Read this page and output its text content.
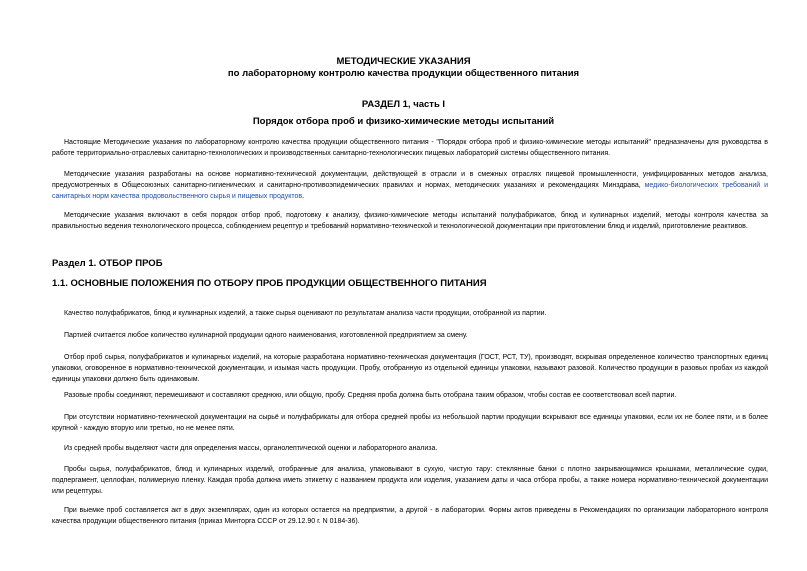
МЕТОДИЧЕСКИЕ УКАЗАНИЯ
по лабораторному контролю качества продукции общественного питания
РАЗДЕЛ 1, часть I
Порядок отбора проб и физико-химические методы испытаний

Настоящие Методические указания по лабораторному контролю качества продукции общественного питания - "Порядок отбора проб и физико-химические методы испытаний" предназначены для руководства в работе территориально-отраслевых санитарно-технологических и производственных санитарно-технологических пищевых лабораторий системы общественного питания.

Методические указания разработаны на основе нормативно-технической документации, действующей в отрасли и в смежных отраслях пищевой промышленности, унифицированных методов анализа, предусмотренных в Общесоюзных санитарно-гигиенических и санитарно-противоэпидемических правилах и нормах, методических указаниях и рекомендациях Минздрава, медико-биологических требований и санитарных норм качества продовольственного сырья и пищевых продуктов.

Методические указания включают в себя порядок отбор проб, подготовку к анализу, физико-химические методы испытаний полуфабрикатов, блюд и кулинарных изделий, методы контроля качества за правильностью ведения технологического процесса, соблюдением рецептур и требований нормативно-технической и технологической документации при приготовлении блюд и изделий, приготовление реактивов.

Раздел 1. ОТБОР ПРОБ
1.1. ОСНОВНЫЕ ПОЛОЖЕНИЯ ПО ОТБОРУ ПРОБ ПРОДУКЦИИ ОБЩЕСТВЕННОГО ПИТАНИЯ

Качество полуфабрикатов, блюд и кулинарных изделий, а также сырья оценивают по результатам анализа части продукции, отобранной из партии.

Партией считается любое количество кулинарной продукции одного наименования, изготовленной предприятием за смену.

Отбор проб сырья, полуфабрикатов и кулинарных изделий, на которые разработана нормативно-техническая документация (ГОСТ, РСТ, ТУ), производят, вскрывая определенное количество транспортных единиц упаковки, оговоренное в нормативно-технической документации, и изымая часть продукции. Пробу, отобранную из отдельной единицы упаковки, называют разовой. Количество продукции в разовых пробах из каждой единицы упаковки должно быть одинаковым.

Разовые пробы соединяют, перемешивают и составляют среднюю, или общую, пробу. Средняя проба должна быть отобрана таким образом, чтобы состав ее соответствовал всей партии.

При отсутствии нормативно-технической документации на сырьё и полуфабрикаты для отбора средней пробы из небольшой партии продукции вскрывают все единицы упаковки, если их не более пяти, и в более крупной - каждую вторую или третью, но не менее пяти.

Из средней пробы выделяют части для определения массы, органолептической оценки и лабораторного анализа.

Пробы сырья, полуфабрикатов, блюд и кулинарных изделий, отобранные для анализа, упаковывают в сухую, чистую тару: стеклянные банки с плотно закрывающимися крышками, металлические судки, подпергамент, целлофан, полимерную пленку. Каждая проба должна иметь этикетку с названием продукта или изделия, указанием даты и часа отбора пробы, а также номера нормативно-технической документации или рецептуры.

При выемке проб составляется акт в двух экземплярах, один из которых остается на предприятии, а другой - в лаборатории. Формы актов приведены в Рекомендациях по организации лабораторного контроля качества продукции общественного питания (приказ Минторга СССР от 29.12.90 г. N 0184-36).
